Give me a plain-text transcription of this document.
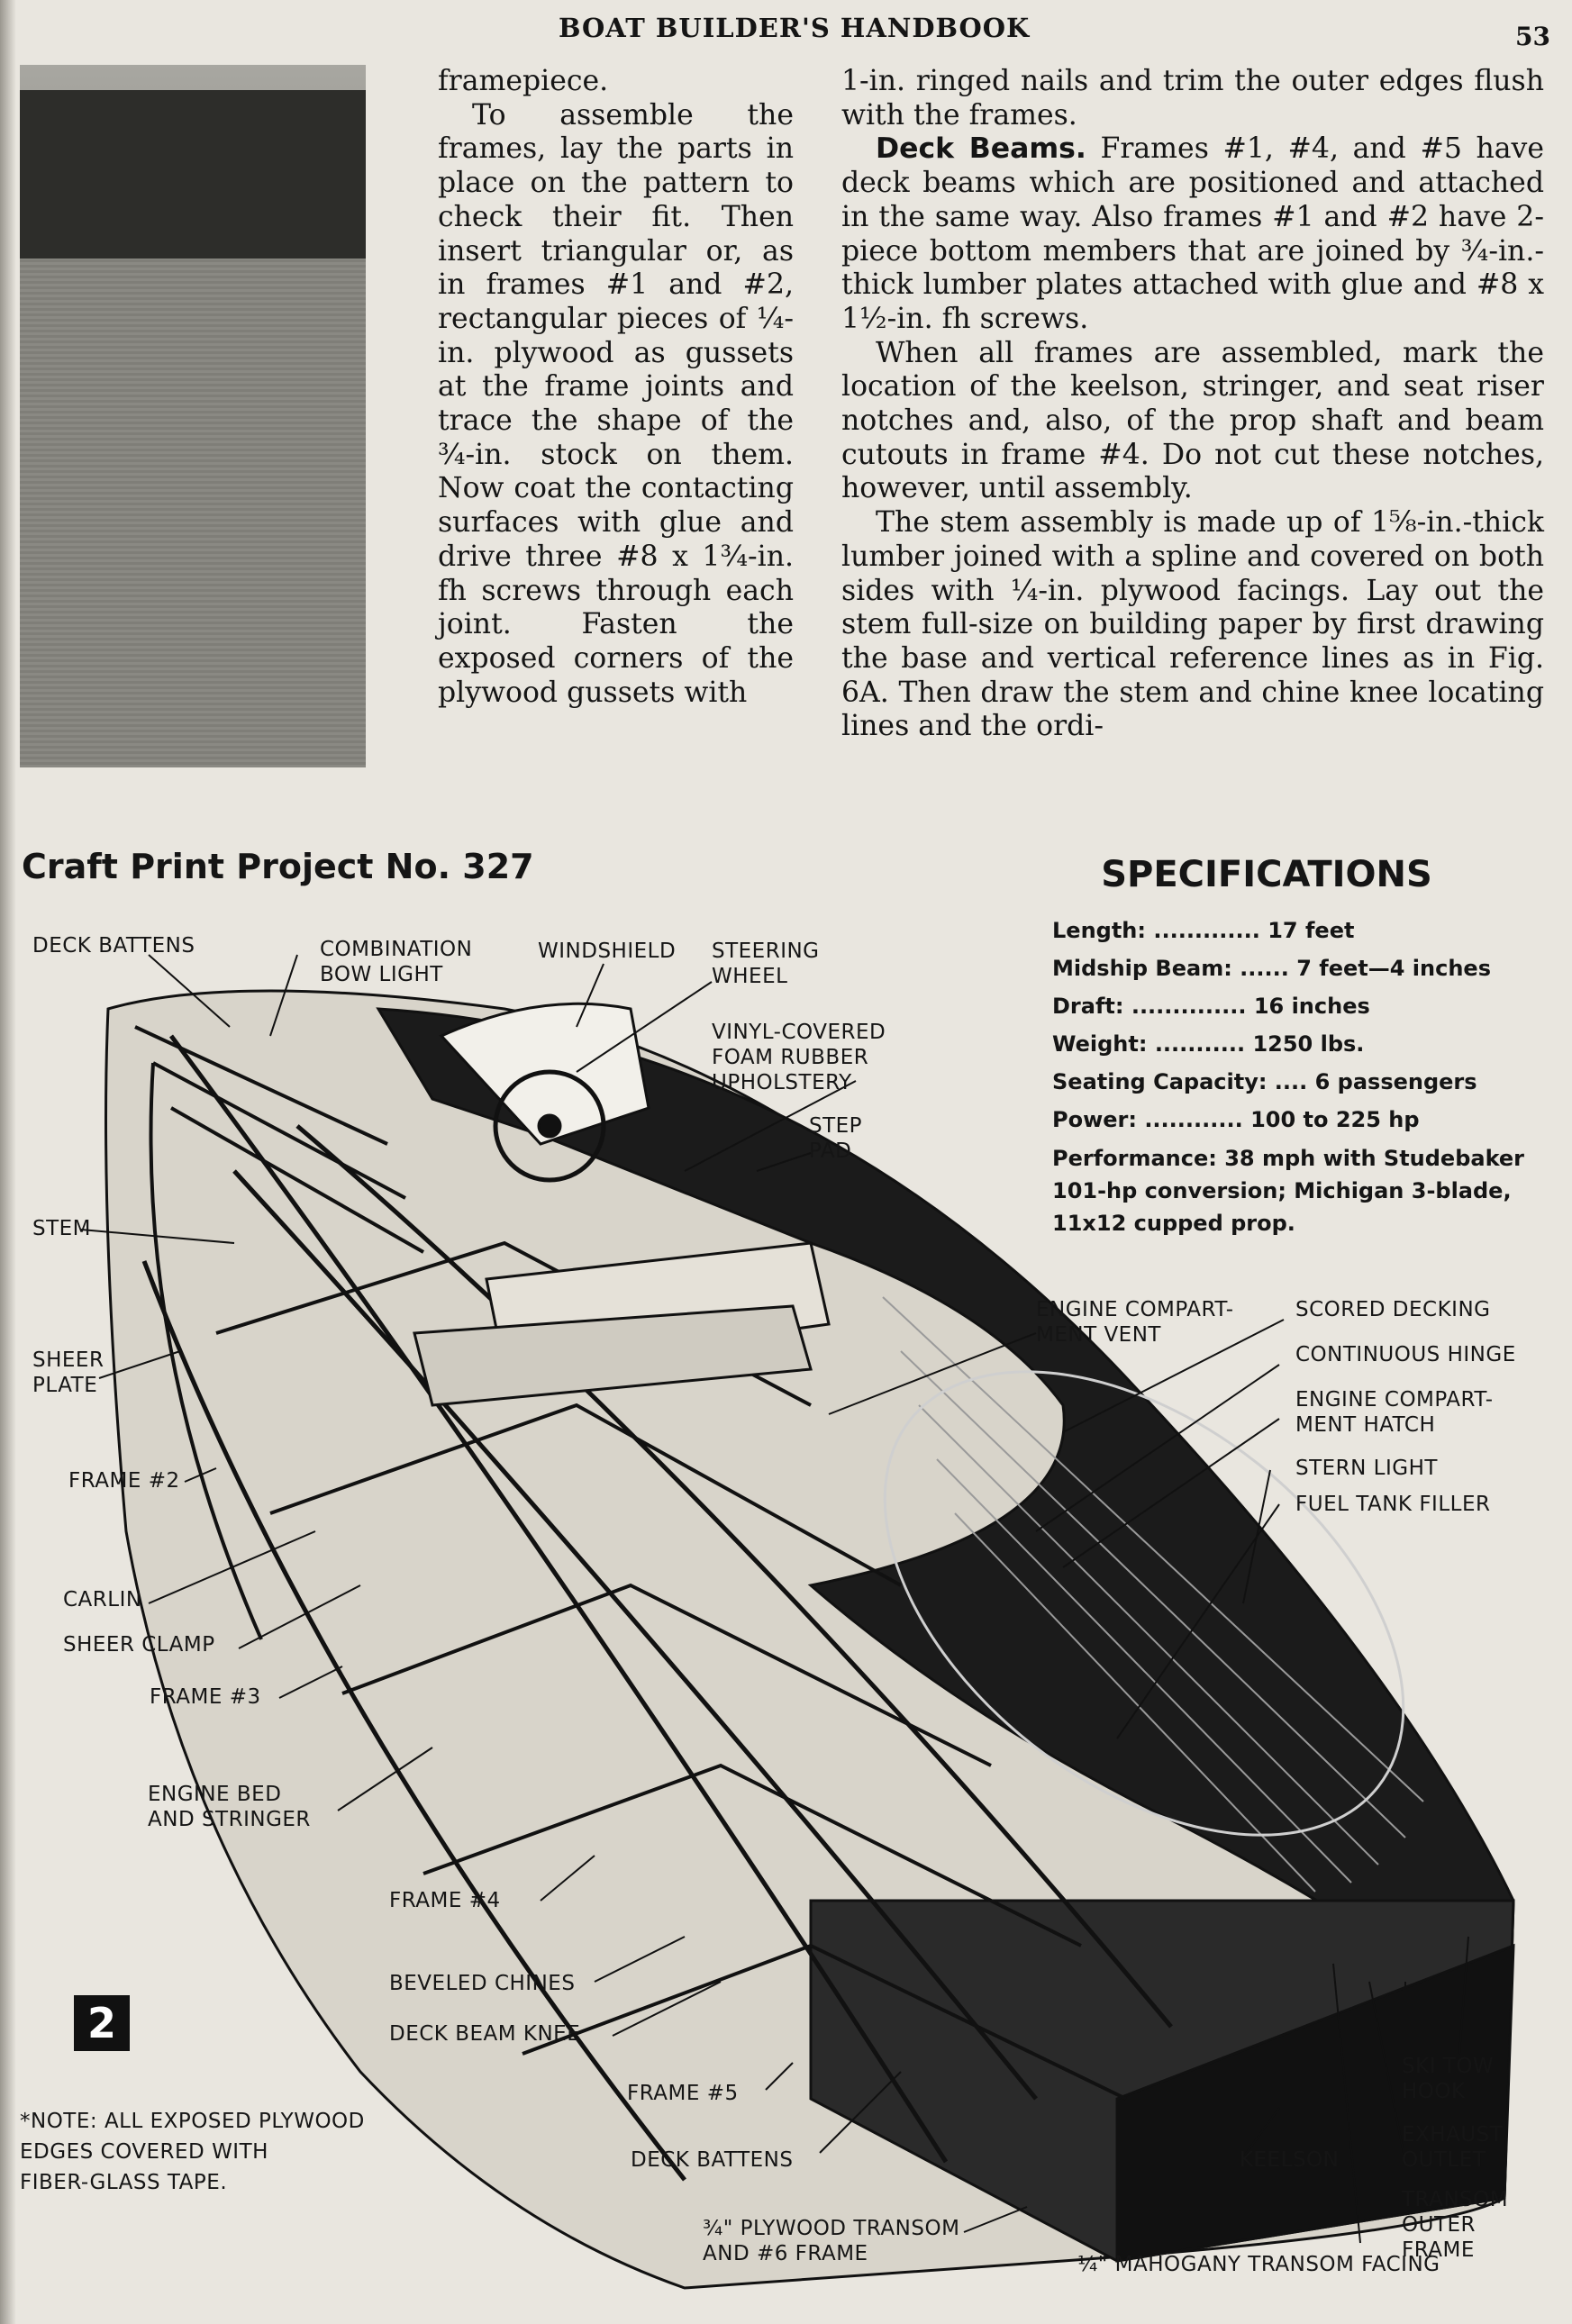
BOAT BUILDER'S HANDBOOK	53

framepiece.

To assemble the frames, lay the parts in place on the pattern to check their fit. Then insert triangular or, as in frames #1 and #2, rectangular pieces of ¼-in. plywood as gussets at the frame joints and trace the shape of the ¾-in. stock on them. Now coat the contacting surfaces with glue and drive three #8 x 1¾-in. fh screws through each joint. Fasten the exposed corners of the plywood gussets with

1-in. ringed nails and trim the outer edges flush with the frames.

Deck Beams. Frames #1, #4, and #5 have deck beams which are positioned and attached in the same way. Also frames #1 and #2 have 2-piece bottom members that are joined by ¾-in.-thick lumber plates attached with glue and #8 x 1½-in. fh screws.

When all frames are assembled, mark the location of the keelson, stringer, and seat riser notches and, also, of the prop shaft and beam cutouts in frame #4. Do not cut these notches, however, until assembly.

The stem assembly is made up of 1⅝-in.-thick lumber joined with a spline and covered on both sides with ¼-in. plywood facings. Lay out the stem full-size on building paper by first drawing the base and vertical reference lines as in Fig. 6A. Then draw the stem and chine knee locating lines and the ordi-

Craft Print Project No. 327	SPECIFICATIONS
Length: ............. 17 feet
Midship Beam: ...... 7 feet—4 inches
Draft: .............. 16 inches
Weight: ........... 1250 lbs.
Seating Capacity: .... 6 passengers
Power: ............ 100 to 225 hp
Performance: 38 mph with Studebaker 101-hp conversion; Michigan 3-blade, 11x12 cupped prop.
DECK BATTENS	COMBINATION
BOW LIGHT
WINDSHIELD STEERING
WHEEL
VINYL-COVERED
FOAM RUBBER
UPHOLSTERY
STEP
PAD
STEM
SHEER
PLATE
FRAME #2
CARLIN
SHEER CLAMP
FRAME #3
ENGINE BED
AND STRINGER
FRAME #4
BEVELED CHINES
DECK BEAM KNEE
FRAME #5
DECK BATTENS
¾" PLYWOOD TRANSOM
AND #6 FRAME	¼" MAHOGANY TRANSOM FACING
KEELSON
TRANSOM
OUTER
FRAME
EXHAUST
OUTLET
SKI TOW
HOOK
ENGINE COMPART-
MENT VENT
SCORED DECKING
CONTINUOUS HINGE
ENGINE COMPART-
MENT HATCH
STERN LIGHT
FUEL TANK FILLER
2
*NOTE: ALL EXPOSED PLYWOOD
EDGES COVERED WITH
FIBER-GLASS TAPE.
